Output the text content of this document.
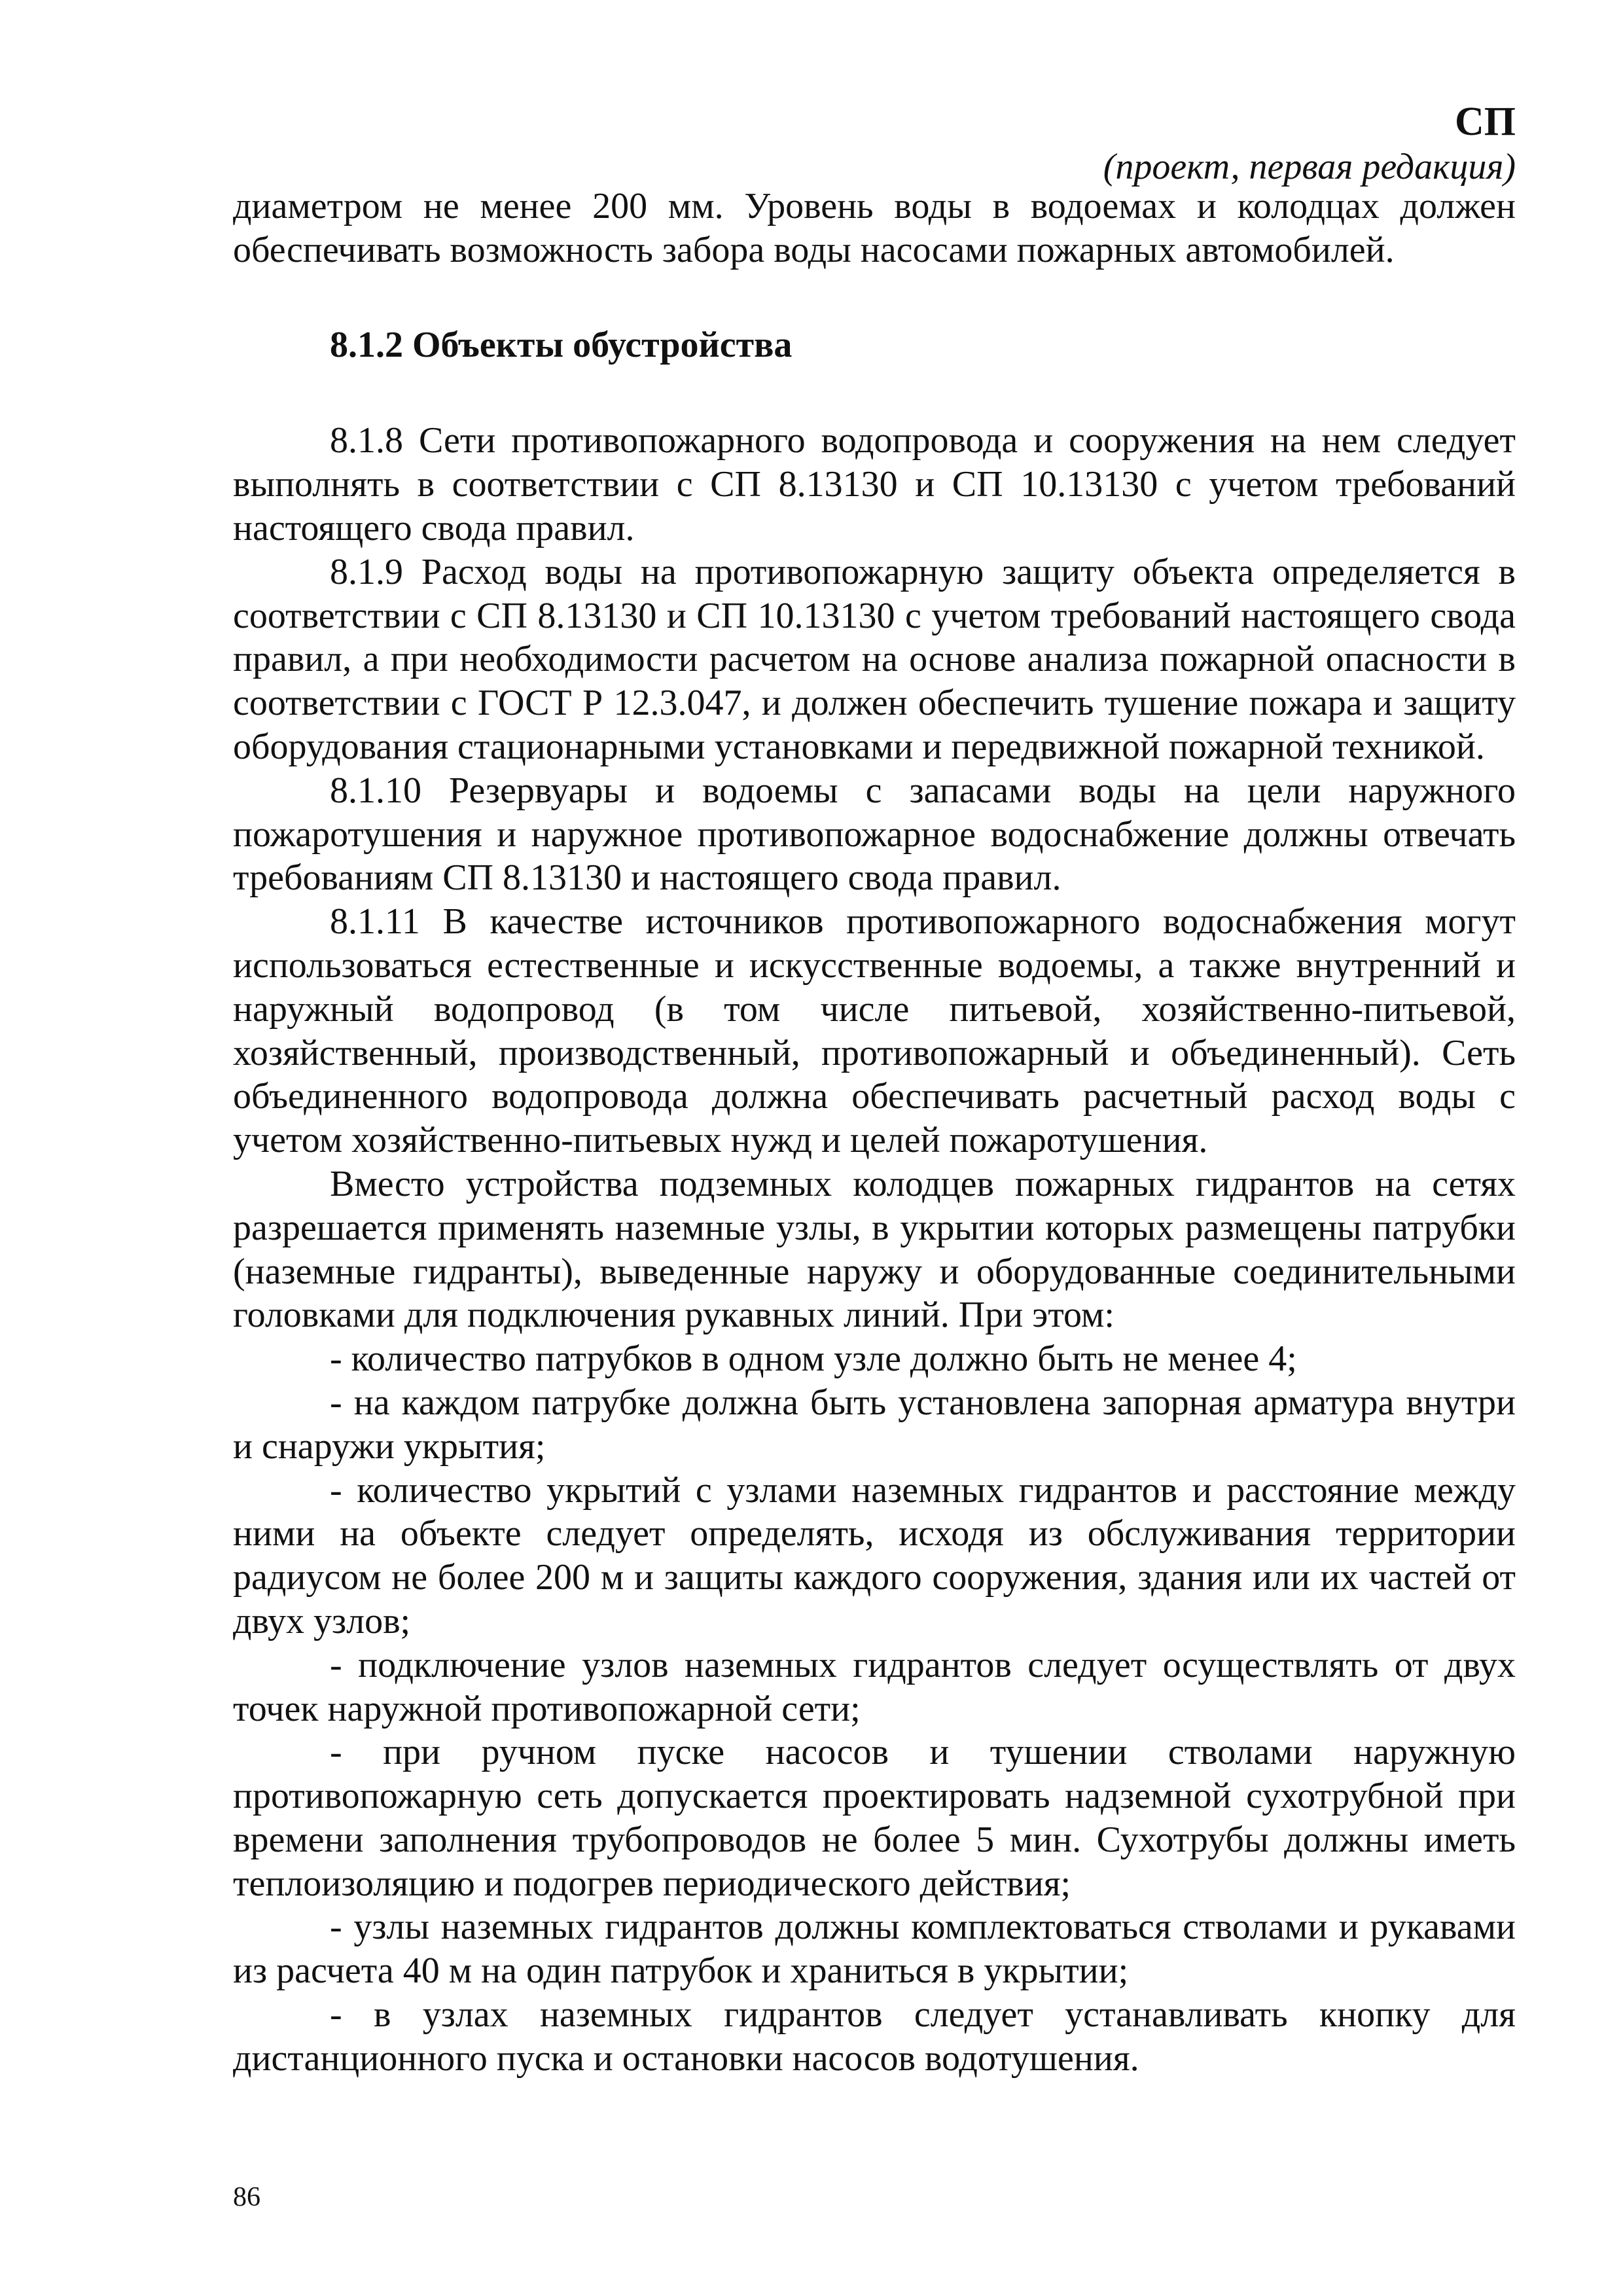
СП
(проект, первая редакция)

диаметром не менее 200 мм. Уровень воды в водоемах и колодцах должен обеспечивать возможность забора воды насосами пожарных автомобилей.

8.1.2 Объекты обустройства

8.1.8 Сети противопожарного водопровода и сооружения на нем следует выполнять в соответствии с СП 8.13130 и СП 10.13130 с учетом требований настоящего свода правил.

8.1.9 Расход воды на противопожарную защиту объекта определяется в соответствии с СП 8.13130 и СП 10.13130 с учетом требований настоящего свода правил, а при необходимости расчетом на основе анализа пожарной опасности в соответствии с ГОСТ Р 12.3.047, и должен обеспечить тушение пожара и защиту оборудования стационарными установками и передвижной пожарной техникой.

8.1.10 Резервуары и водоемы с запасами воды на цели наружного пожаротушения и наружное противопожарное водоснабжение должны отвечать требованиям СП 8.13130 и настоящего свода правил.

8.1.11 В качестве источников противопожарного водоснабжения могут использоваться естественные и искусственные водоемы, а также внутренний и наружный водопровод (в том числе питьевой, хозяйственно-питьевой, хозяйственный, производственный, противопожарный и объединенный). Сеть объединенного водопровода должна обеспечивать расчетный расход воды с учетом хозяйственно-питьевых нужд и целей пожаротушения.

Вместо устройства подземных колодцев пожарных гидрантов на сетях разрешается применять наземные узлы, в укрытии которых размещены патрубки (наземные гидранты), выведенные наружу и оборудованные соединительными головками для подключения рукавных линий. При этом:

- количество патрубков в одном узле должно быть не менее 4;

- на каждом патрубке должна быть установлена запорная арматура внутри и снаружи укрытия;

- количество укрытий с узлами наземных гидрантов и расстояние между ними на объекте следует определять, исходя из обслуживания территории радиусом не более 200 м и защиты каждого сооружения, здания или их частей от двух узлов;

- подключение узлов наземных гидрантов следует осуществлять от двух точек наружной противопожарной сети;

- при ручном пуске насосов и тушении стволами наружную противопожарную сеть допускается проектировать надземной сухотрубной при времени заполнения трубопроводов не более 5 мин. Сухотрубы должны иметь теплоизоляцию и подогрев периодического действия;

- узлы наземных гидрантов должны комплектоваться стволами и рукавами из расчета 40 м на один патрубок и храниться в укрытии;

- в узлах наземных гидрантов следует устанавливать кнопку для дистанционного пуска и остановки насосов водотушения.

86
